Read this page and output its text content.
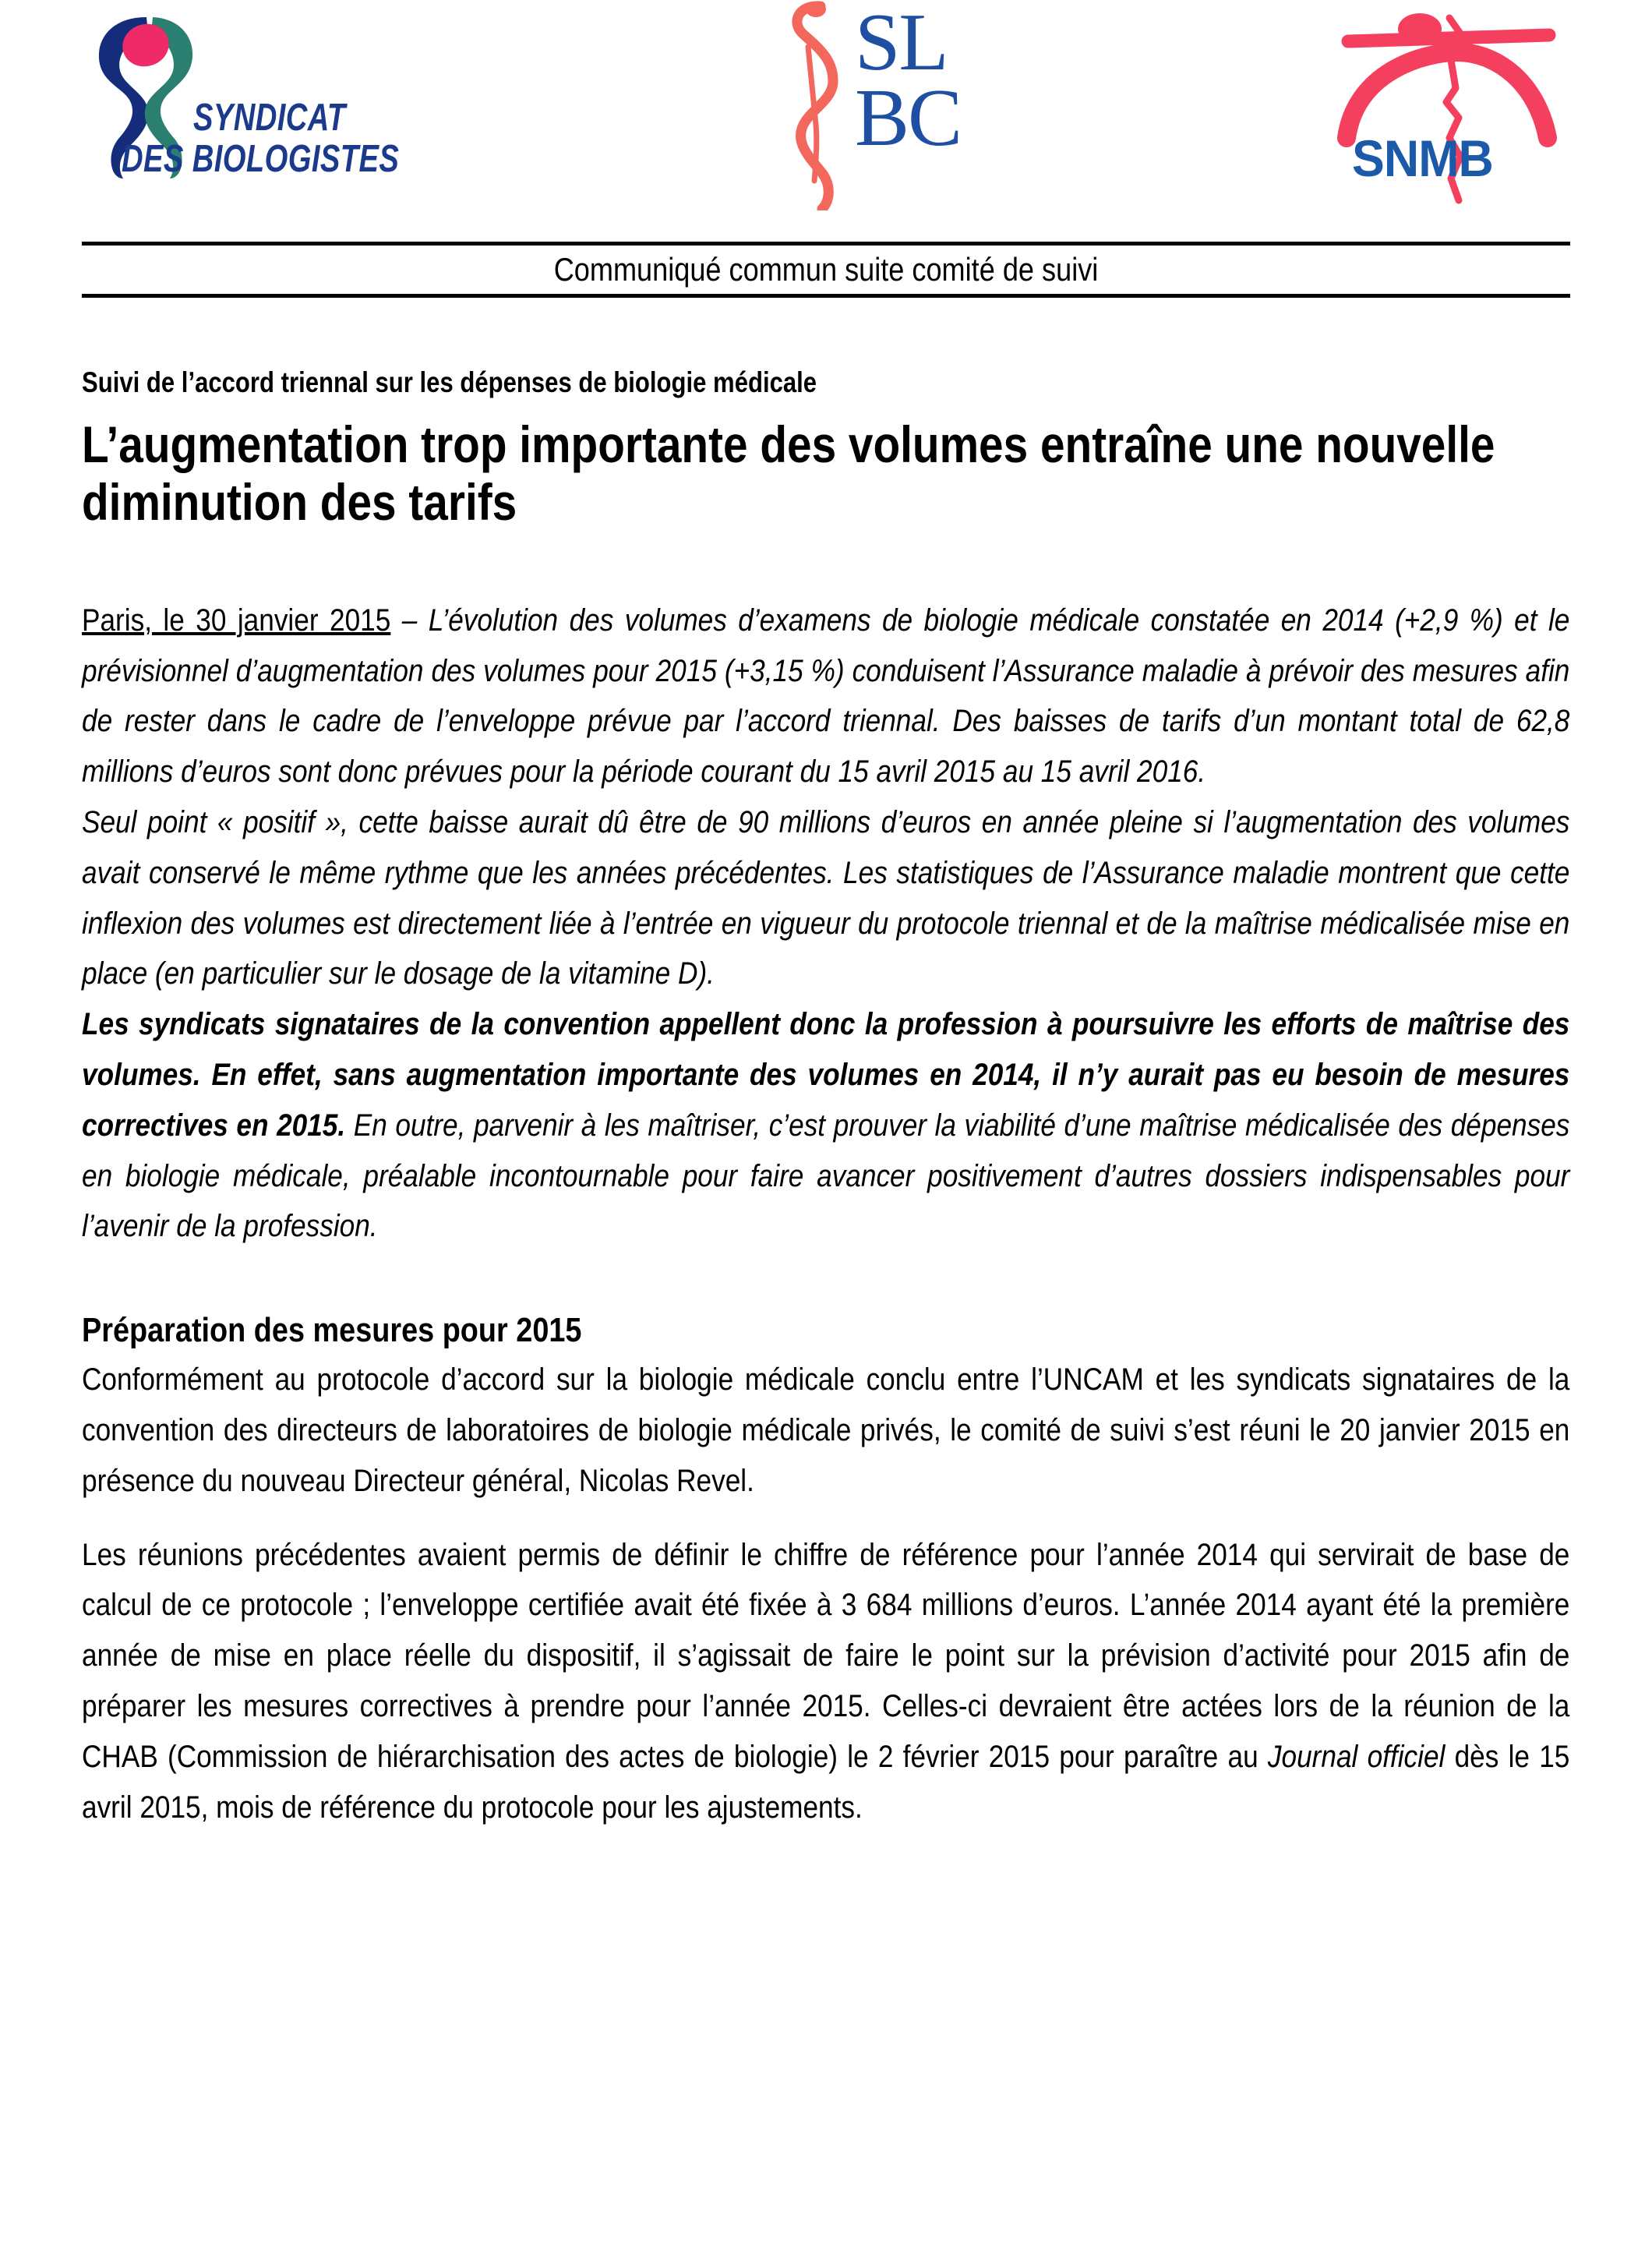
SYNDICAT
DES BIOLOGISTES
SL
BC	SNMB
Communiqué commun suite comité de suivi
Suivi de l’accord triennal sur les dépenses de biologie médicale
L’augmentation trop importante des volumes entraîne une nouvelle diminution des tarifs

Paris, le 30 janvier 2015 – L’évolution des volumes d’examens de biologie médicale constatée en 2014 (+2,9 %) et le prévisionnel d’augmentation des volumes pour 2015 (+3,15 %) conduisent l’Assurance maladie à prévoir des mesures afin de rester dans le cadre de l’enveloppe prévue par l’accord triennal. Des baisses de tarifs d’un montant total de 62,8 millions d’euros sont donc prévues pour la période courant du 15 avril 2015 au 15 avril 2016.

Seul point « positif », cette baisse aurait dû être de 90 millions d’euros en année pleine si l’augmentation des volumes avait conservé le même rythme que les années précédentes. Les statistiques de l’Assurance maladie montrent que cette inflexion des volumes est directement liée à l’entrée en vigueur du protocole triennal et de la maîtrise médicalisée mise en place (en particulier sur le dosage de la vitamine D).

Les syndicats signataires de la convention appellent donc la profession à poursuivre les efforts de maîtrise des volumes. En effet, sans augmentation importante des volumes en 2014, il n’y aurait pas eu besoin de mesures correctives en 2015. En outre, parvenir à les maîtriser, c’est prouver la viabilité d’une maîtrise médicalisée des dépenses en biologie médicale, préalable incontournable pour faire avancer positivement d’autres dossiers indispensables pour l’avenir de la profession.

Préparation des mesures pour 2015

Conformément au protocole d’accord sur la biologie médicale conclu entre l’UNCAM et les syndicats signataires de la convention des directeurs de laboratoires de biologie médicale privés, le comité de suivi s’est réuni le 20 janvier 2015 en présence du nouveau Directeur général, Nicolas Revel.

Les réunions précédentes avaient permis de définir le chiffre de référence pour l’année 2014 qui servirait de base de calcul de ce protocole ; l’enveloppe certifiée avait été fixée à 3 684 millions d’euros. L’année 2014 ayant été la première année de mise en place réelle du dispositif, il s’agissait de faire le point sur la prévision d’activité pour 2015 afin de préparer les mesures correctives à prendre pour l’année 2015. Celles-ci devraient être actées lors de la réunion de la CHAB (Commission de hiérarchisation des actes de biologie) le 2 février 2015 pour paraître au Journal officiel dès le 15 avril 2015, mois de référence du protocole pour les ajustements.
